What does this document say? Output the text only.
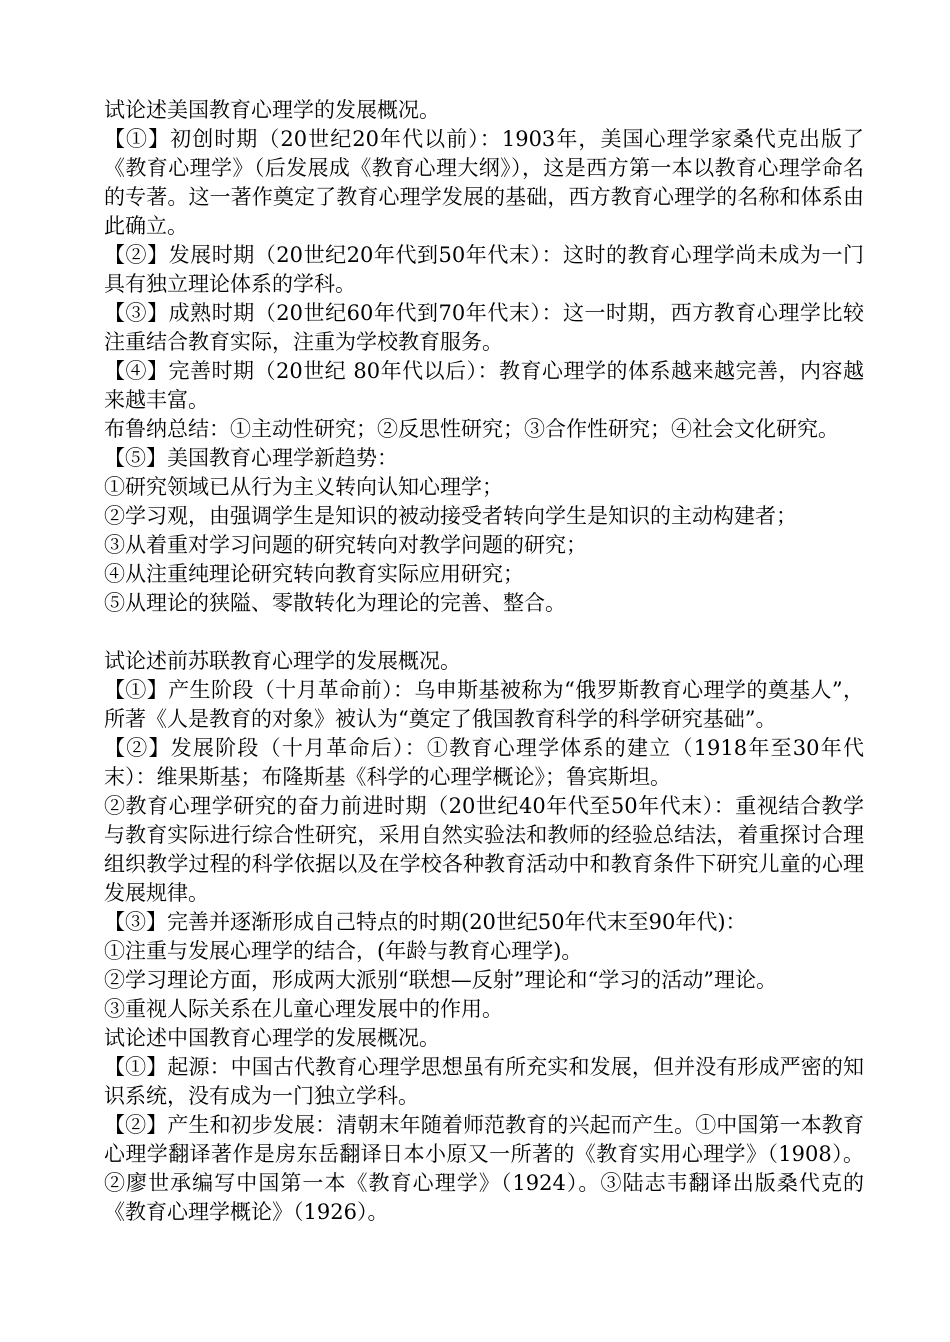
试论述美国教育心理学的发展概况。

【①】初创时期（20世纪20年代以前）：1903年，美国心理学家桑代克出版了《教育心理学》（后发展成《教育心理大纲》），这是西方第一本以教育心理学命名的专著。这一著作奠定了教育心理学发展的基础，西方教育心理学的名称和体系由此确立。

【②】发展时期（20世纪20年代到50年代末）：这时的教育心理学尚未成为一门具有独立理论体系的学科。

【③】成熟时期（20世纪60年代到70年代末）：这一时期，西方教育心理学比较注重结合教育实际，注重为学校教育服务。

【④】完善时期（20世纪 80年代以后）：教育心理学的体系越来越完善，内容越来越丰富。

布鲁纳总结：①主动性研究；②反思性研究；③合作性研究；④社会文化研究。

【⑤】美国教育心理学新趋势：

①研究领域已从行为主义转向认知心理学；

②学习观，由强调学生是知识的被动接受者转向学生是知识的主动构建者；

③从着重对学习问题的研究转向对教学问题的研究；

④从注重纯理论研究转向教育实际应用研究；

⑤从理论的狭隘、零散转化为理论的完善、整合。

试论述前苏联教育心理学的发展概况。

【①】产生阶段（十月革命前）：乌申斯基被称为“俄罗斯教育心理学的奠基人”，所著《人是教育的对象》被认为“奠定了俄国教育科学的科学研究基础”。

【②】发展阶段（十月革命后）：①教育心理学体系的建立（1918年至30年代末）：维果斯基；布隆斯基《科学的心理学概论》；鲁宾斯坦。

②教育心理学研究的奋力前进时期（20世纪40年代至50年代末）：重视结合教学与教育实际进行综合性研究，采用自然实验法和教师的经验总结法，着重探讨合理组织教学过程的科学依据以及在学校各种教育活动中和教育条件下研究儿童的心理发展规律。

【③】完善并逐渐形成自己特点的时期(20世纪50年代末至90年代)：

①注重与发展心理学的结合，(年龄与教育心理学)。

②学习理论方面，形成两大派别“联想—反射”理论和“学习的活动”理论。

③重视人际关系在儿童心理发展中的作用。

试论述中国教育心理学的发展概况。

【①】起源：中国古代教育心理学思想虽有所充实和发展，但并没有形成严密的知识系统，没有成为一门独立学科。

【②】产生和初步发展：清朝末年随着师范教育的兴起而产生。①中国第一本教育心理学翻译著作是房东岳翻译日本小原又一所著的《教育实用心理学》（1908）。②廖世承编写中国第一本《教育心理学》（1924）。③陆志韦翻译出版桑代克的《教育心理学概论》（1926）。
